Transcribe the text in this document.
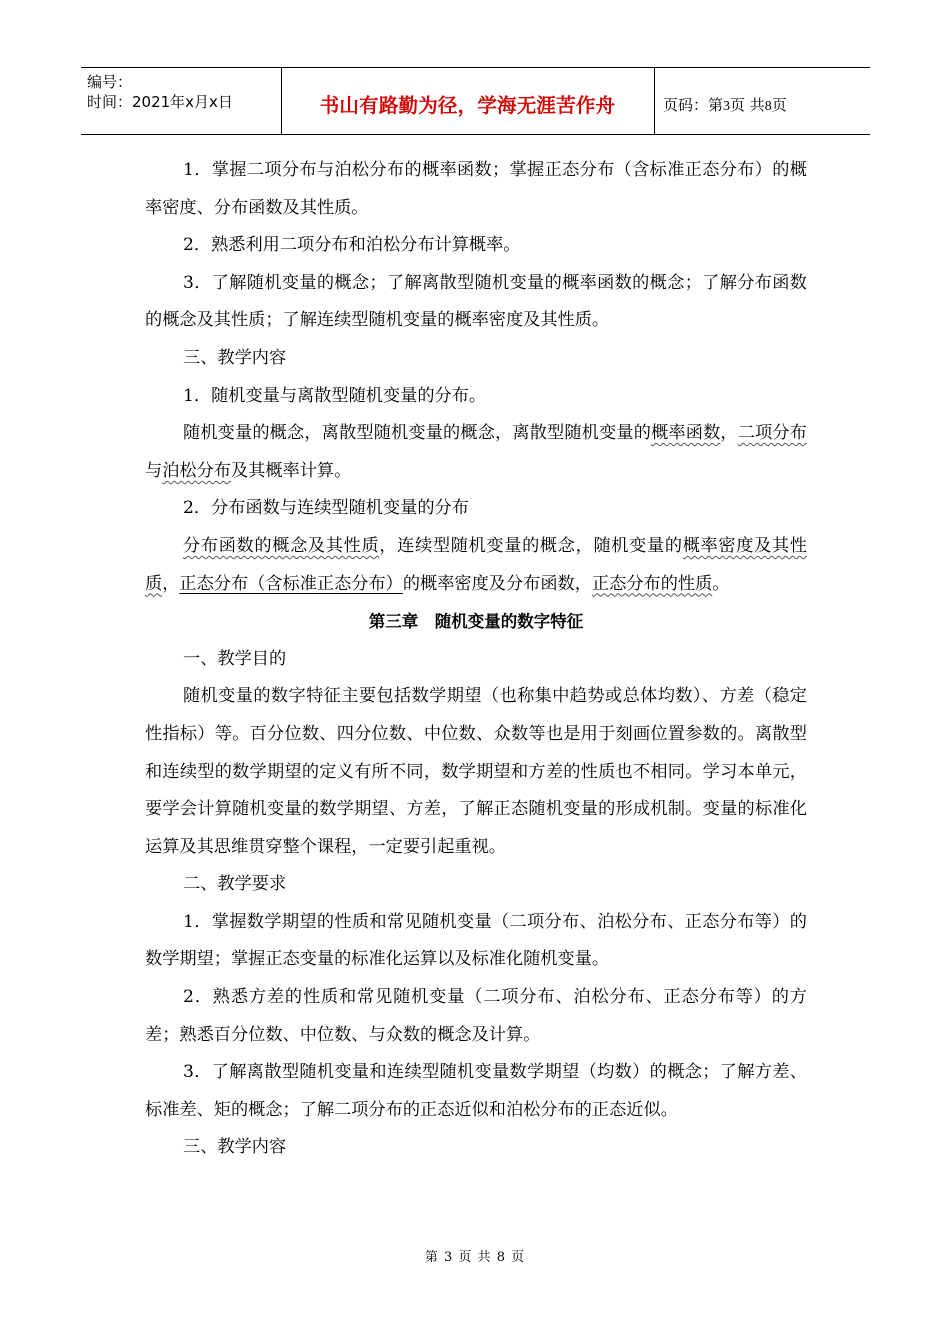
编号：
时间：2021年x月x日	书山有路勤为径，学海无涯苦作舟	页码：第3页 共8页

1．掌握二项分布与泊松分布的概率函数；掌握正态分布（含标准正态分布）的概率密度、分布函数及其性质。

2．熟悉利用二项分布和泊松分布计算概率。

3．了解随机变量的概念；了解离散型随机变量的概率函数的概念；了解分布函数的概念及其性质；了解连续型随机变量的概率密度及其性质。

三、教学内容

1．随机变量与离散型随机变量的分布。

随机变量的概念，离散型随机变量的概念，离散型随机变量的概率函数，二项分布与泊松分布及其概率计算。

2．分布函数与连续型随机变量的分布

分布函数的概念及其性质，连续型随机变量的概念，随机变量的概率密度及其性质，正态分布（含标准正态分布）的概率密度及分布函数，正态分布的性质。

第三章　随机变量的数字特征

一、教学目的

随机变量的数字特征主要包括数学期望（也称集中趋势或总体均数）、方差（稳定性指标）等。百分位数、四分位数、中位数、众数等也是用于刻画位置参数的。离散型和连续型的数学期望的定义有所不同，数学期望和方差的性质也不相同。学习本单元，要学会计算随机变量的数学期望、方差，了解正态随机变量的形成机制。变量的标准化运算及其思维贯穿整个课程，一定要引起重视。

二、教学要求

1．掌握数学期望的性质和常见随机变量（二项分布、泊松分布、正态分布等）的数学期望；掌握正态变量的标准化运算以及标准化随机变量。

2．熟悉方差的性质和常见随机变量（二项分布、泊松分布、正态分布等）的方差；熟悉百分位数、中位数、与众数的概念及计算。

3．了解离散型随机变量和连续型随机变量数学期望（均数）的概念；了解方差、标准差、矩的概念；了解二项分布的正态近似和泊松分布的正态近似。

三、教学内容

第 3 页 共 8 页
